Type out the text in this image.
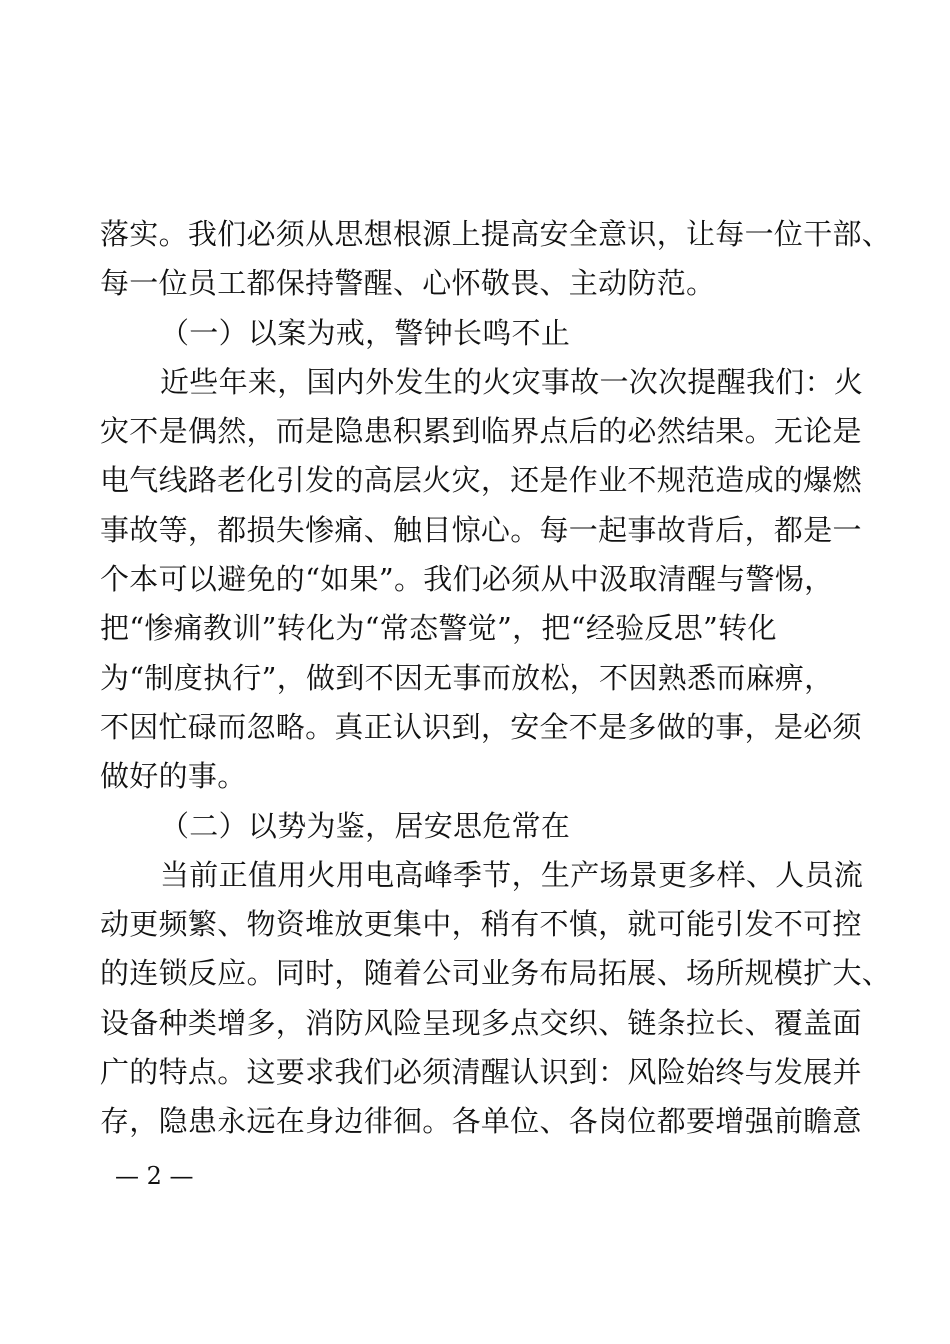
落实。我们必须从思想根源上提高安全意识，让每一位干部、
每一位员工都保持警醒、心怀敬畏、主动防范。
（一）以案为戒，警钟长鸣不止
近些年来，国内外发生的火灾事故一次次提醒我们：火
灾不是偶然，而是隐患积累到临界点后的必然结果。无论是
电气线路老化引发的高层火灾，还是作业不规范造成的爆燃
事故等，都损失惨痛、触目惊心。每一起事故背后，都是一
个本可以避免的“如果”。我们必须从中汲取清醒与警惕，
把“惨痛教训”转化为“常态警觉”，把“经验反思”转化
为“制度执行”，做到不因无事而放松，不因熟悉而麻痹，
不因忙碌而忽略。真正认识到，安全不是多做的事，是必须
做好的事。
（二）以势为鉴，居安思危常在
当前正值用火用电高峰季节，生产场景更多样、人员流
动更频繁、物资堆放更集中，稍有不慎，就可能引发不可控
的连锁反应。同时，随着公司业务布局拓展、场所规模扩大、
设备种类增多，消防风险呈现多点交织、链条拉长、覆盖面
广的特点。这要求我们必须清醒认识到：风险始终与发展并
存，隐患永远在身边徘徊。各单位、各岗位都要增强前瞻意
— 2 —
